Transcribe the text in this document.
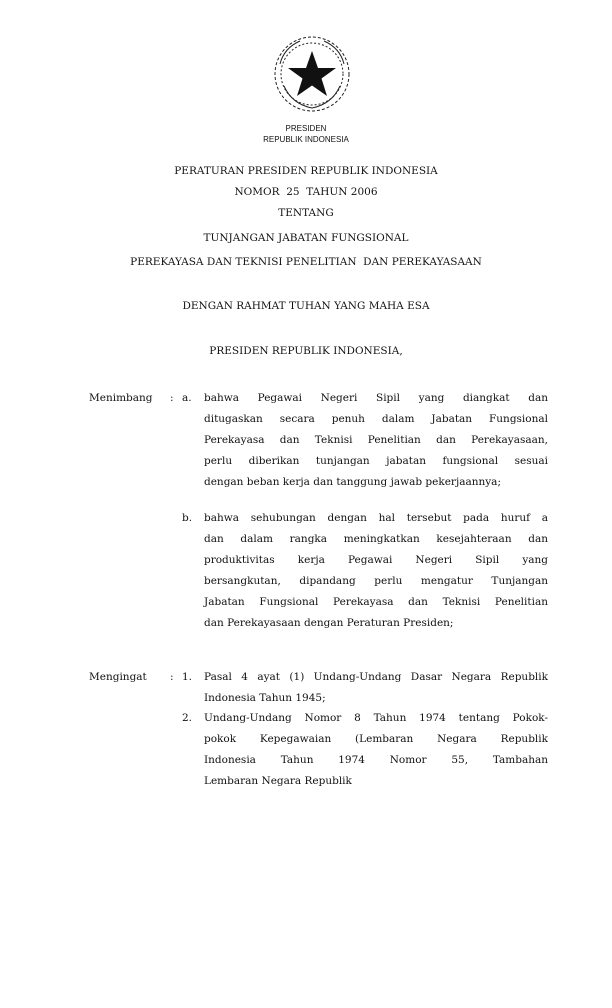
PRESIDEN
REPUBLIK INDONESIA
PERATURAN PRESIDEN REPUBLIK INDONESIA
NOMOR  25  TAHUN 2006
TENTANG
TUNJANGAN JABATAN FUNGSIONAL
PEREKAYASA DAN TEKNISI PENELITIAN  DAN PEREKAYASAAN
DENGAN RAHMAT TUHAN YANG MAHA ESA
PRESIDEN REPUBLIK INDONESIA,
Menimbang : a. bahwa Pegawai Negeri Sipil yang diangkat dan
ditugaskan secara penuh dalam Jabatan Fungsional
Perekayasa dan Teknisi Penelitian dan Perekayasaan,
perlu diberikan tunjangan jabatan fungsional sesuai
dengan beban kerja dan tanggung jawab pekerjaannya;
b. bahwa sehubungan dengan hal tersebut pada huruf a
dan dalam rangka meningkatkan kesejahteraan dan
produktivitas kerja Pegawai Negeri Sipil yang
bersangkutan, dipandang perlu mengatur Tunjangan
Jabatan Fungsional Perekayasa dan Teknisi Penelitian
dan Perekayasaan dengan Peraturan Presiden;
Mengingat : 1. Pasal 4 ayat (1) Undang-Undang Dasar Negara Republik
Indonesia Tahun 1945;
2. Undang-Undang Nomor 8 Tahun 1974 tentang Pokok-
pokok Kepegawaian (Lembaran Negara Republik
Indonesia Tahun 1974 Nomor 55, Tambahan
Lembaran Negara Republik
